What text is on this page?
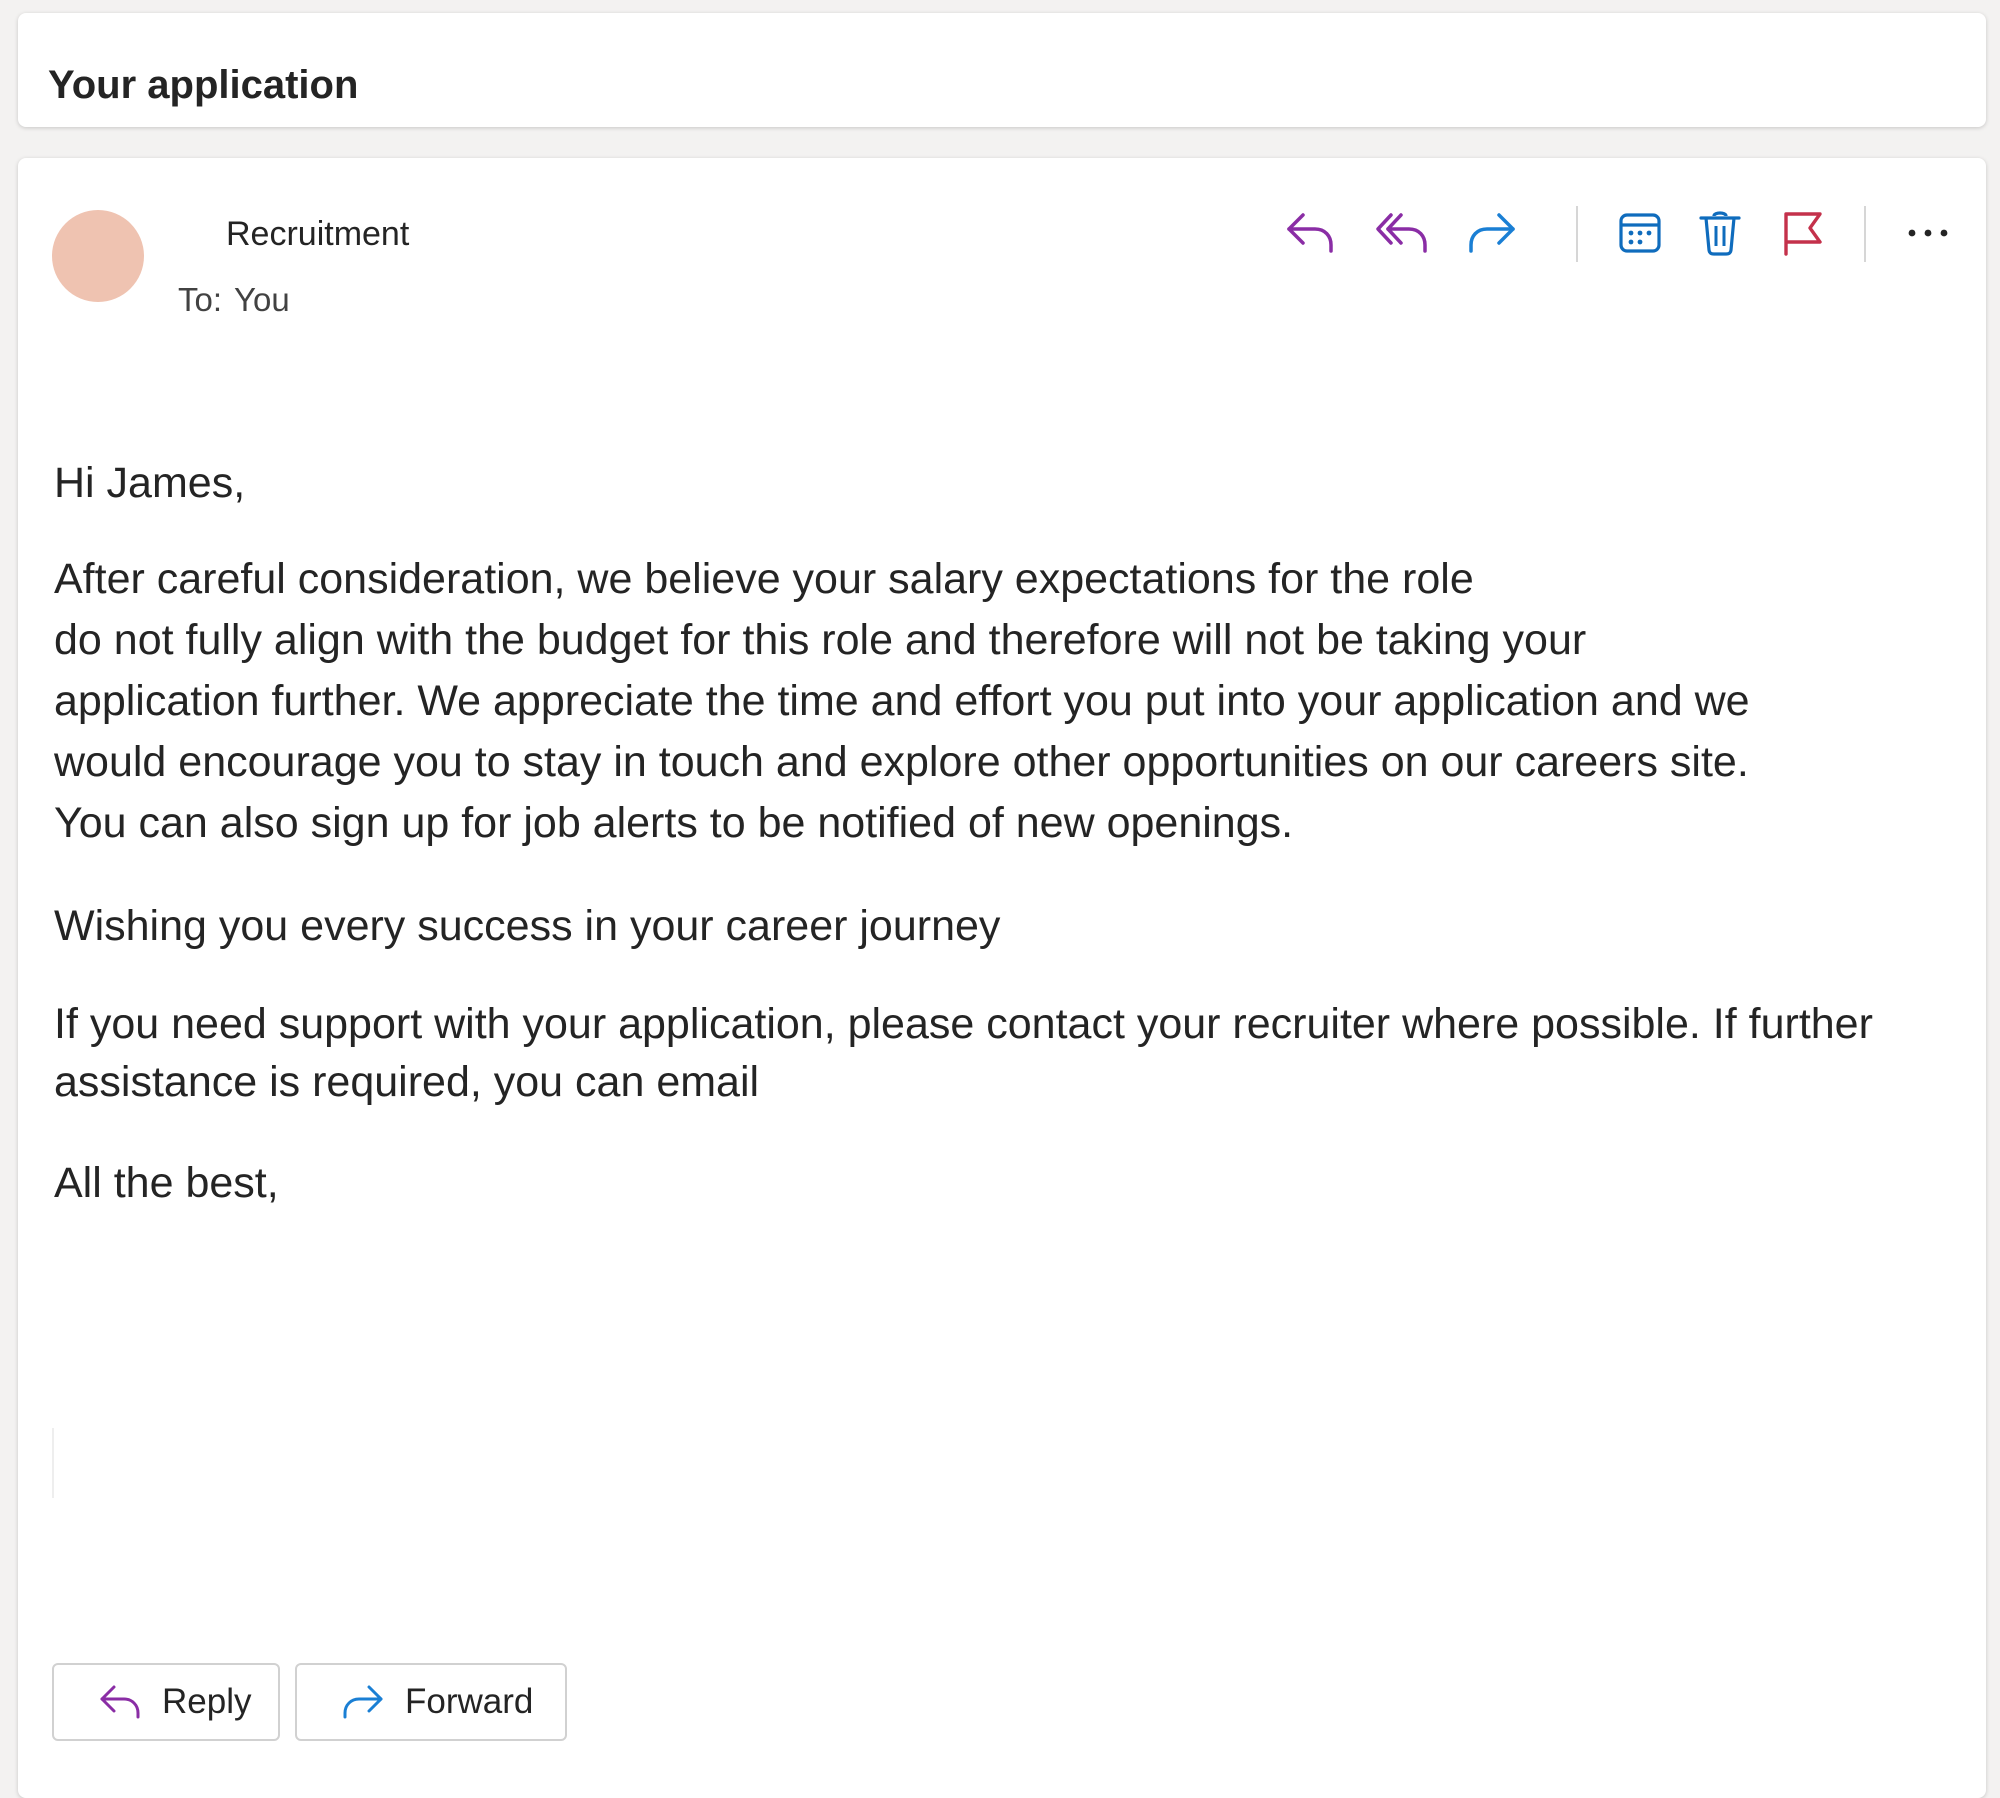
Your application
Recruitment
To: You

Hi James,

After careful consideration, we believe your salary expectations for the role
do not fully align with the budget for this role and therefore will not be taking your
application further. We appreciate the time and effort you put into your application and we
would encourage you to stay in touch and explore other opportunities on our careers site.
You can also sign up for job alerts to be notified of new openings.

Wishing you every success in your career journey

If you need support with your application, please contact your recruiter where possible. If further
assistance is required, you can email

All the best,

Reply	Forward
